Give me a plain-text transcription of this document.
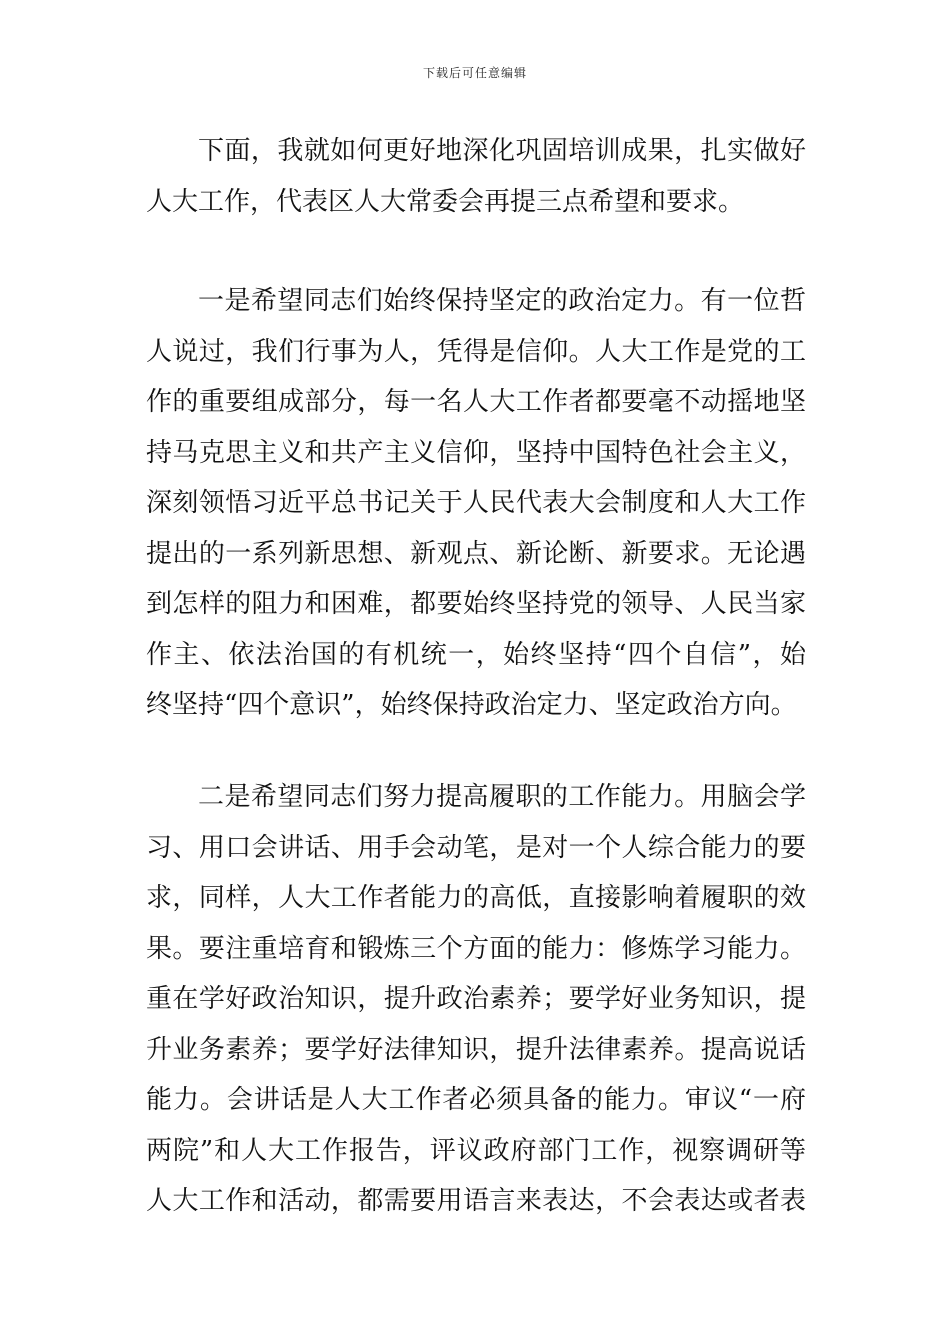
下载后可任意编辑
下面，我就如何更好地深化巩固培训成果，扎实做好
人大工作，代表区人大常委会再提三点希望和要求。
一是希望同志们始终保持坚定的政治定力。有一位哲
人说过，我们行事为人，凭得是信仰。人大工作是党的工
作的重要组成部分，每一名人大工作者都要毫不动摇地坚
持马克思主义和共产主义信仰，坚持中国特色社会主义，
深刻领悟习近平总书记关于人民代表大会制度和人大工作
提出的一系列新思想、新观点、新论断、新要求。无论遇
到怎样的阻力和困难，都要始终坚持党的领导、人民当家
作主、依法治国的有机统一，始终坚持“四个自信”，始
终坚持“四个意识”，始终保持政治定力、坚定政治方向。
二是希望同志们努力提高履职的工作能力。用脑会学
习、用口会讲话、用手会动笔，是对一个人综合能力的要
求，同样，人大工作者能力的高低，直接影响着履职的效
果。要注重培育和锻炼三个方面的能力：修炼学习能力。
重在学好政治知识，提升政治素养；要学好业务知识，提
升业务素养；要学好法律知识，提升法律素养。提高说话
能力。会讲话是人大工作者必须具备的能力。审议“一府
两院”和人大工作报告，评议政府部门工作，视察调研等
人大工作和活动，都需要用语言来表达，不会表达或者表
